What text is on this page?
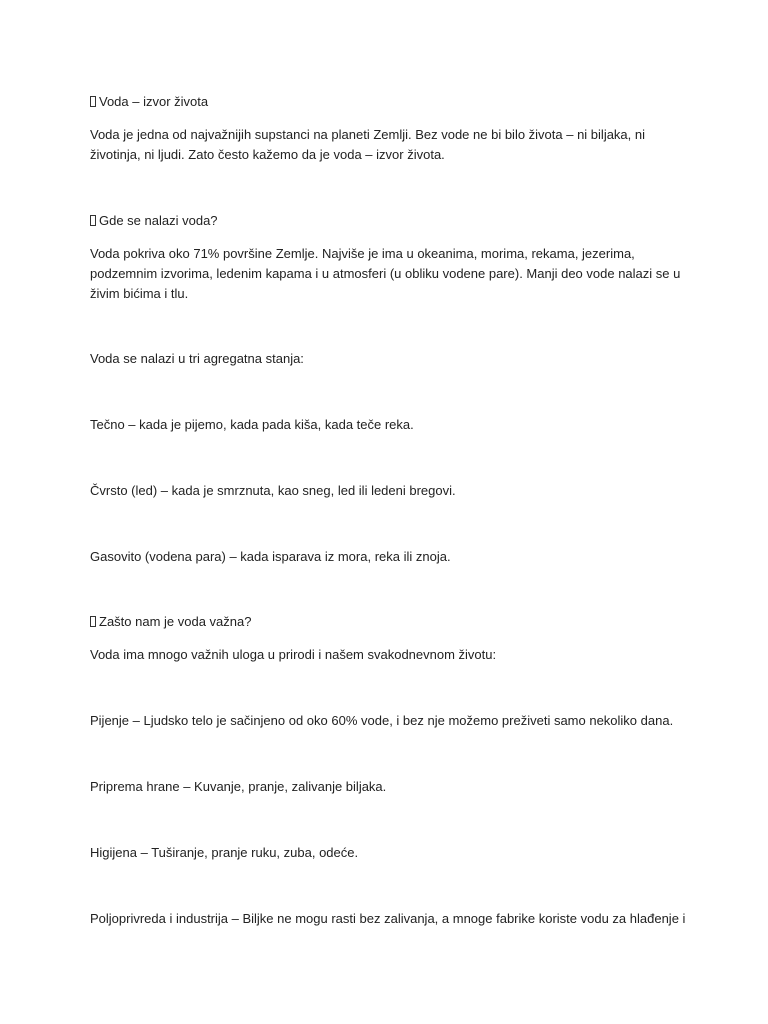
Voda – izvor života
Voda je jedna od najvažnijih supstanci na planeti Zemlji. Bez vode ne bi bilo života – ni biljaka, ni
životinja, ni ljudi. Zato često kažemo da je voda – izvor života.
Gde se nalazi voda?
Voda pokriva oko 71% površine Zemlje. Najviše je ima u okeanima, morima, rekama, jezerima,
podzemnim izvorima, ledenim kapama i u atmosferi (u obliku vodene pare). Manji deo vode nalazi se u
živim bićima i tlu.
Voda se nalazi u tri agregatna stanja:
Tečno – kada je pijemo, kada pada kiša, kada teče reka.
Čvrsto (led) – kada je smrznuta, kao sneg, led ili ledeni bregovi.
Gasovito (vodena para) – kada isparava iz mora, reka ili znoja.
Zašto nam je voda važna?
Voda ima mnogo važnih uloga u prirodi i našem svakodnevnom životu:
Pijenje – Ljudsko telo je sačinjeno od oko 60% vode, i bez nje možemo preživeti samo nekoliko dana.
Priprema hrane – Kuvanje, pranje, zalivanje biljaka.
Higijena – Tuširanje, pranje ruku, zuba, odeće.
Poljoprivreda i industrija – Biljke ne mogu rasti bez zalivanja, a mnoge fabrike koriste vodu za hlađenje i
